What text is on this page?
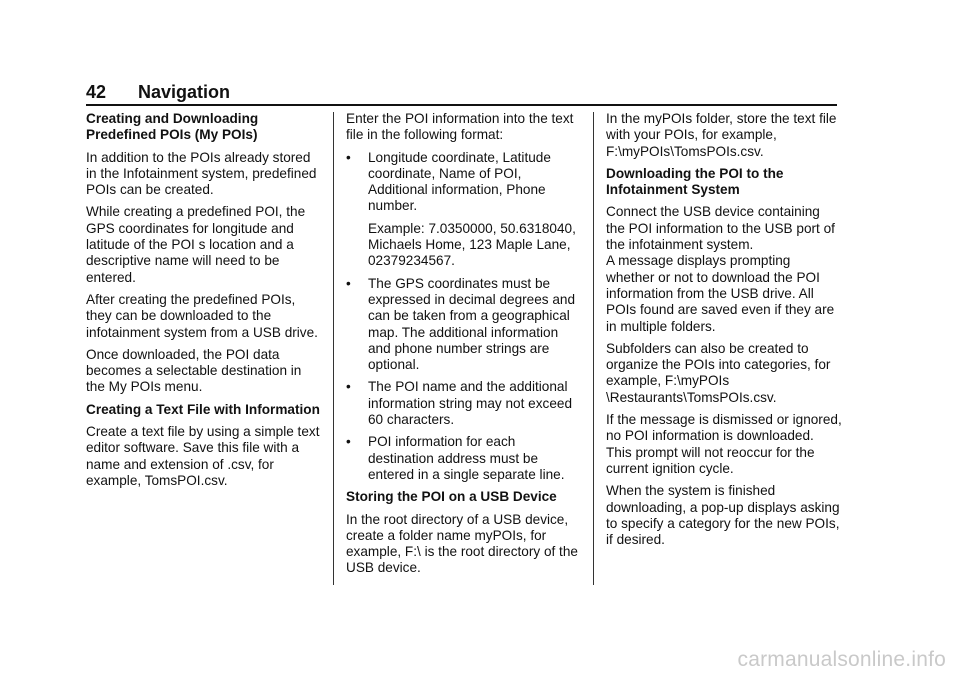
42 Navigation
Creating and Downloading Predefined POIs (My POIs)

In addition to the POIs already stored in the Infotainment system, predefined POIs can be created.

While creating a predefined POI, the GPS coordinates for longitude and latitude of the POI s location and a descriptive name will need to be entered.

After creating the predefined POIs, they can be downloaded to the infotainment system from a USB drive.

Once downloaded, the POI data becomes a selectable destination in the My POIs menu.

Creating a Text File with Information

Create a text file by using a simple text editor software. Save this file with a name and extension of .csv, for example, TomsPOI.csv.

Enter the POI information into the text file in the following format:

• Longitude coordinate, Latitude coordinate, Name of POI, Additional information, Phone number.
Example: 7.0350000, 50.6318040, Michaels Home, 123 Maple Lane, 02379234567.
• The GPS coordinates must be expressed in decimal degrees and can be taken from a geographical map. The additional information and phone number strings are optional.
• The POI name and the additional information string may not exceed 60 characters.
• POI information for each destination address must be entered in a single separate line.
Storing the POI on a USB Device

In the root directory of a USB device, create a folder name myPOIs, for example, F:\ is the root directory of the USB device.

In the myPOIs folder, store the text file with your POIs, for example, F:\myPOIs\TomsPOIs.csv.

Downloading the POI to the Infotainment System
Connect the USB device containing the POI information to the USB port of the infotainment system.

A message displays prompting whether or not to download the POI information from the USB drive. All POIs found are saved even if they are in multiple folders.

Subfolders can also be created to organize the POIs into categories, for example, F:\myPOIs \Restaurants\TomsPOIs.csv.

If the message is dismissed or ignored, no POI information is downloaded. This prompt will not reoccur for the current ignition cycle.

When the system is finished downloading, a pop-up displays asking to specify a category for the new POIs, if desired.

carmanualsonline.info
